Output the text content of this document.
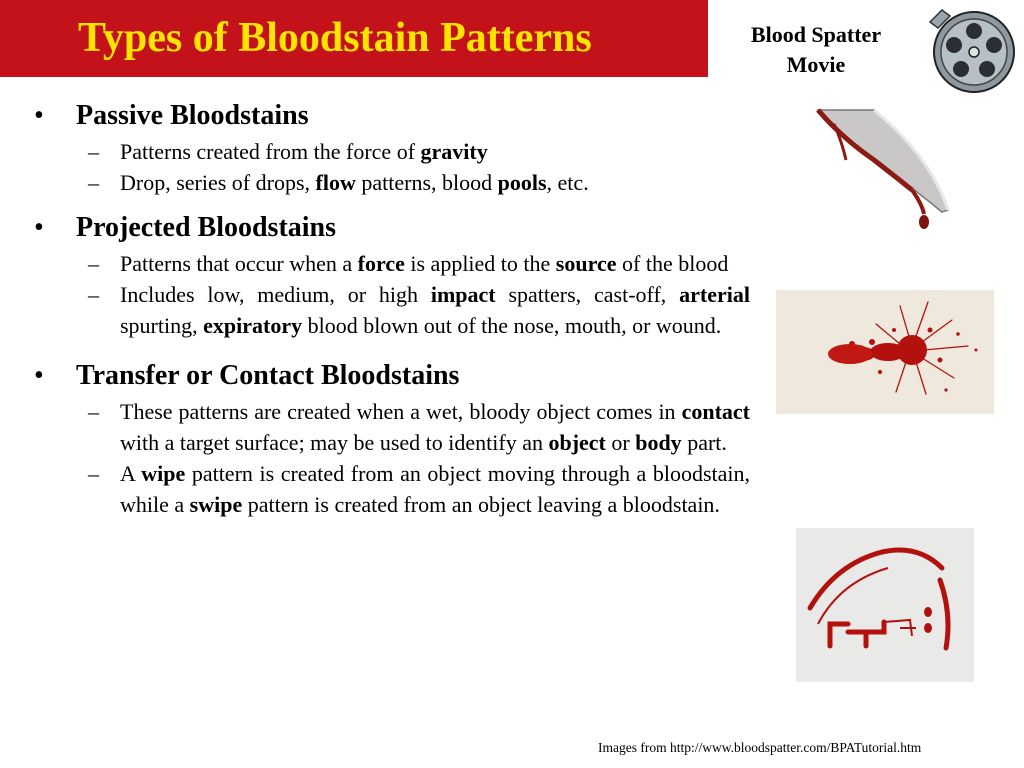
Types of Bloodstain Patterns	Blood Spatter Movie
• Passive Bloodstains
– Patterns created from the force of gravity
– Drop, series of drops, flow patterns, blood pools, etc.
• Projected Bloodstains
– Patterns that occur when a force is applied to the source of the blood
– Includes low, medium, or high impact spatters, cast-off, arterial spurting, expiratory blood blown out of the nose, mouth, or wound.
• Transfer or Contact Bloodstains
– These patterns are created when a wet, bloody object comes in contact with a target surface; may be used to identify an object or body part.
– A wipe pattern is created from an object moving through a bloodstain, while a swipe pattern is created from an object leaving a bloodstain.
Images from http://www.bloodspatter.com/BPATutorial.htm
